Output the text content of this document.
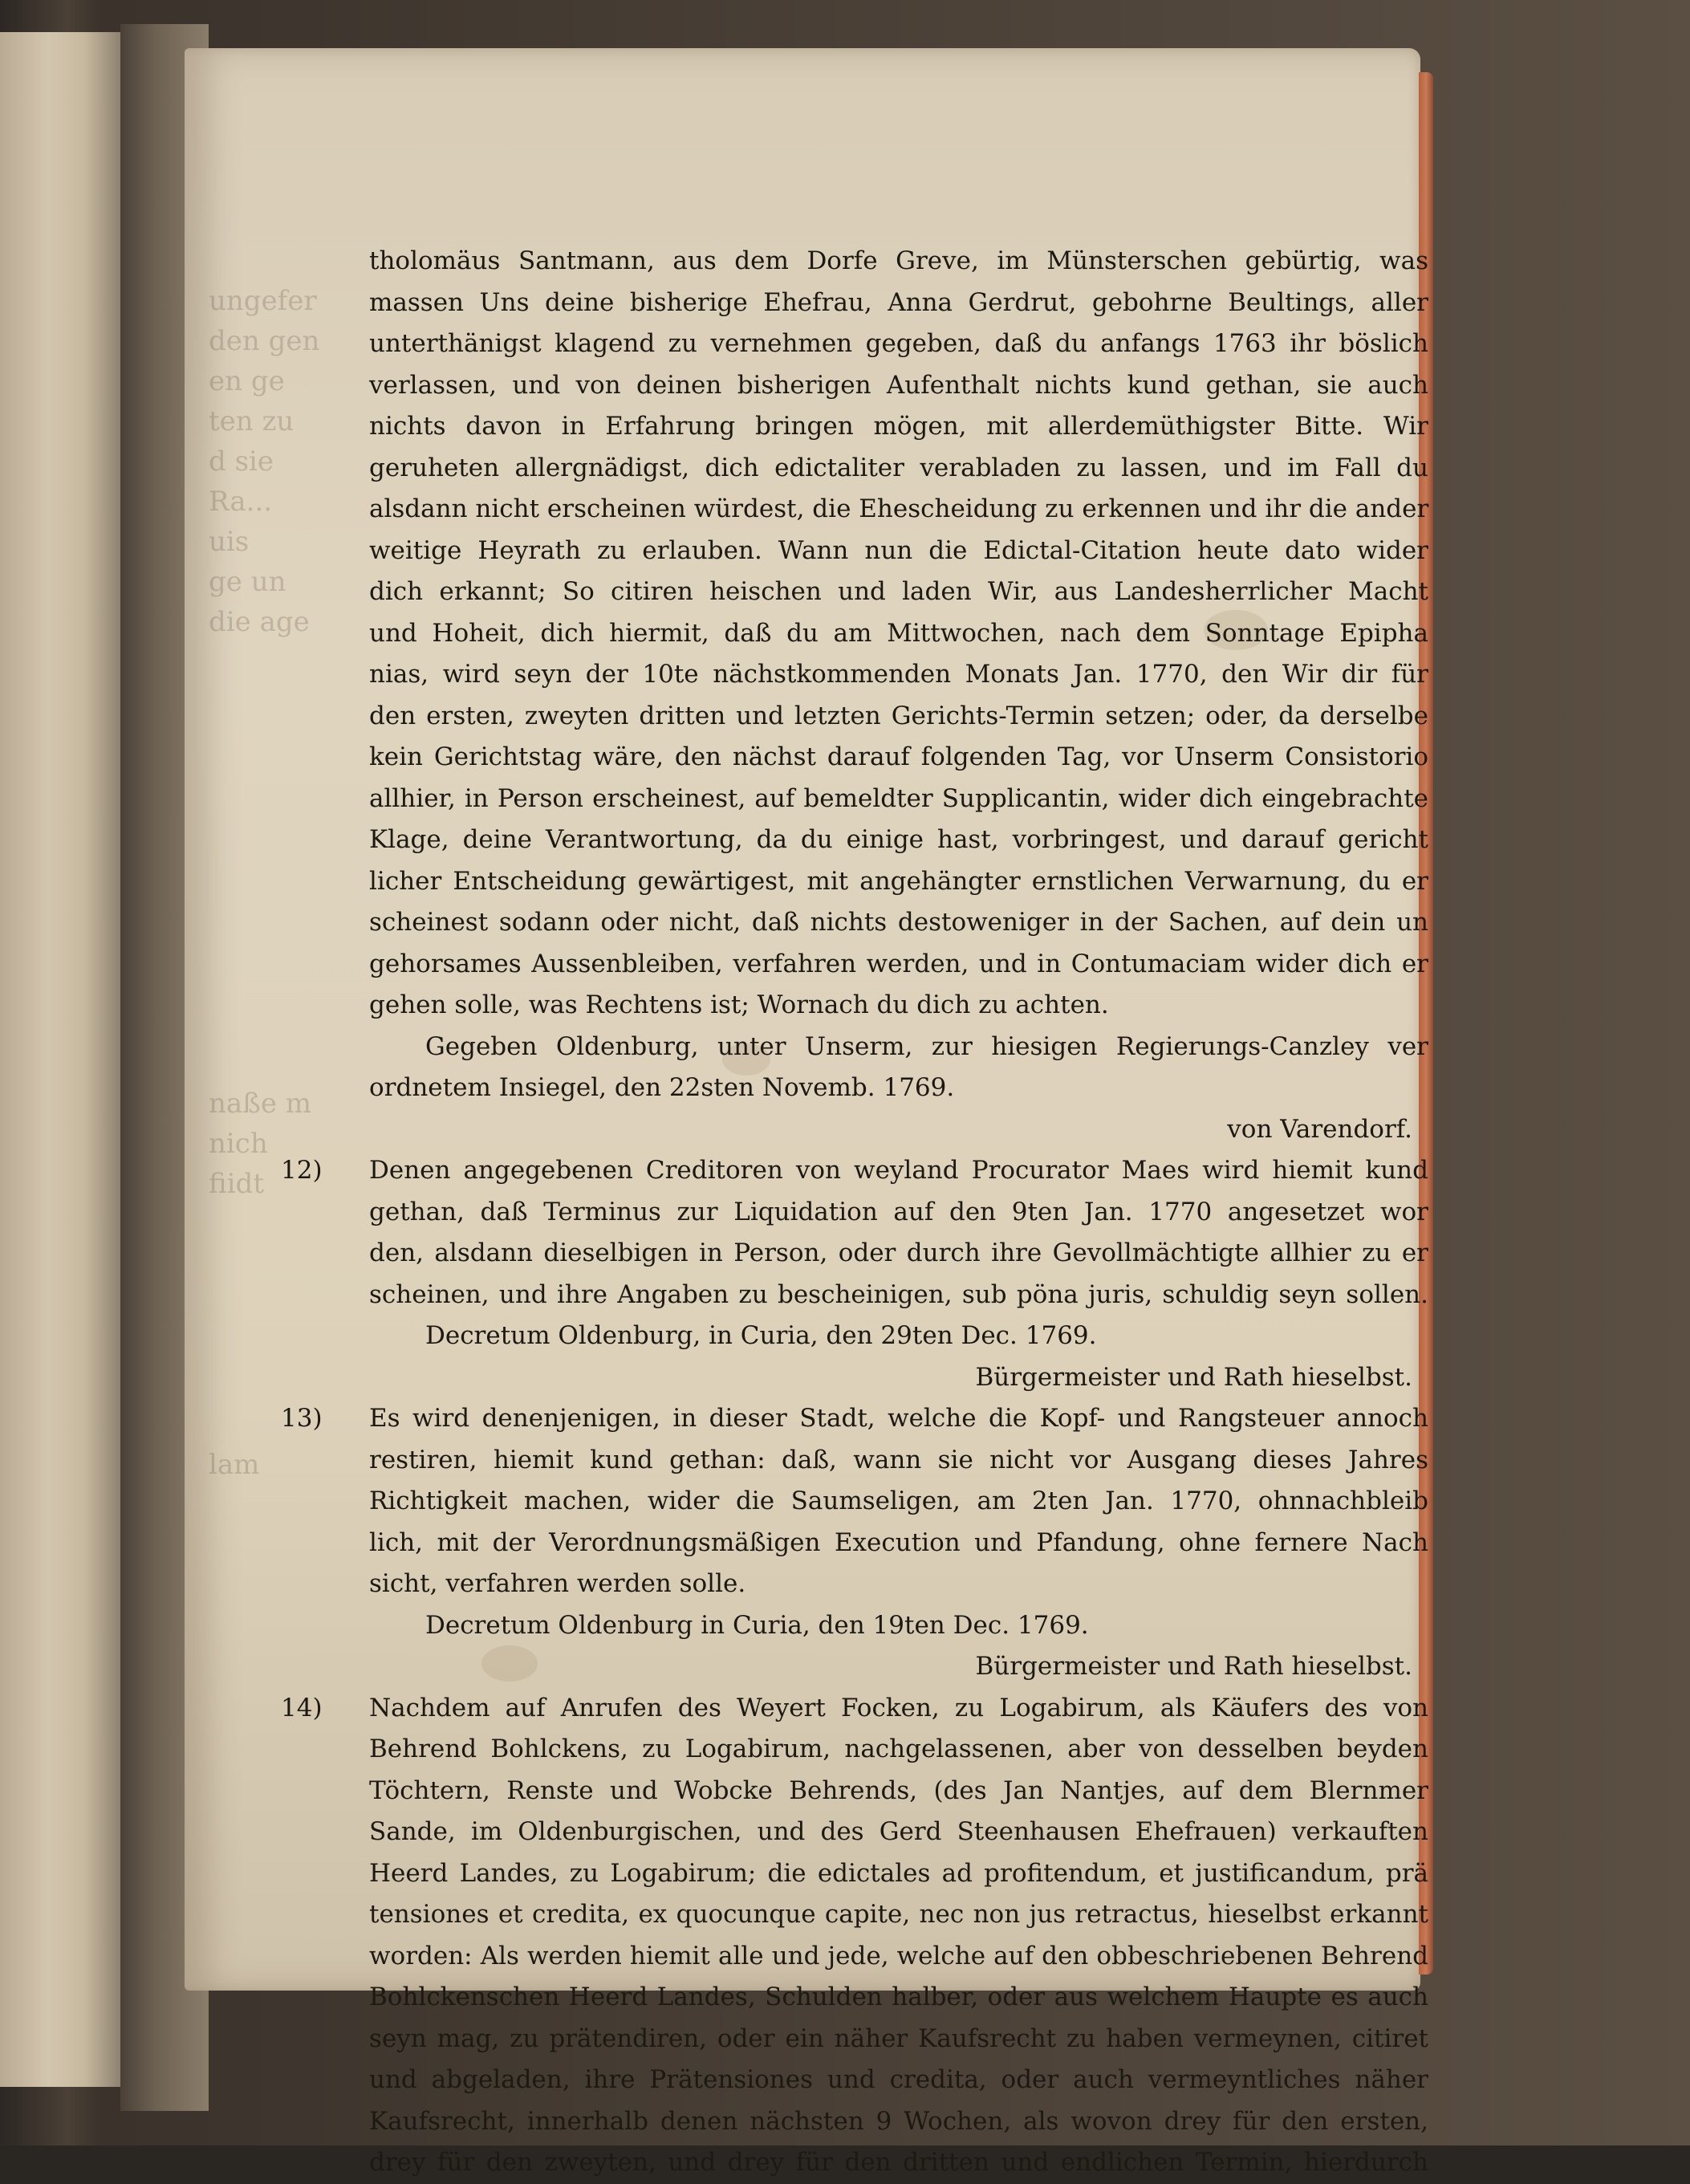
ungefer
den gen
en ge
ten zu
d sie
Ra...
uis
ge un
die age

naße m
nich
fiidt

lam
tholomäus Santmann, aus dem Dorfe Greve, im Münsterschen gebürtig, was
massen Uns deine bisherige Ehefrau, Anna Gerdrut, gebohrne Beultings, aller
unterthänigst klagend zu vernehmen gegeben, daß du anfangs 1763 ihr böslich
verlassen, und von deinen bisherigen Aufenthalt nichts kund gethan, sie auch
nichts davon in Erfahrung bringen mögen, mit allerdemüthigster Bitte. Wir
geruheten allergnädigst, dich edictaliter verabladen zu lassen, und im Fall du
alsdann nicht erscheinen würdest, die Ehescheidung zu erkennen und ihr die ander
weitige Heyrath zu erlauben. Wann nun die Edictal-Citation heute dato wider
dich erkannt; So citiren heischen und laden Wir, aus Landesherrlicher Macht
und Hoheit, dich hiermit, daß du am Mittwochen, nach dem Sonntage Epipha
nias, wird seyn der 10te nächstkommenden Monats Jan. 1770, den Wir dir für
den ersten, zweyten dritten und letzten Gerichts-Termin setzen; oder, da derselbe
kein Gerichtstag wäre, den nächst darauf folgenden Tag, vor Unserm Consistorio
allhier, in Person erscheinest, auf bemeldter Supplicantin, wider dich eingebrachte
Klage, deine Verantwortung, da du einige hast, vorbringest, und darauf gericht
licher Entscheidung gewärtigest, mit angehängter ernstlichen Verwarnung, du er
scheinest sodann oder nicht, daß nichts destoweniger in der Sachen, auf dein un
gehorsames Aussenbleiben, verfahren werden, und in Contumaciam wider dich er
gehen solle, was Rechtens ist; Wornach du dich zu achten.
Gegeben Oldenburg, unter Unserm, zur hiesigen Regierungs-Canzley ver
ordnetem Insiegel, den 22sten Novemb. 1769.
von Varendorf.
12) Denen angegebenen Creditoren von weyland Procurator Maes wird hiemit kund
gethan, daß Terminus zur Liquidation auf den 9ten Jan. 1770 angesetzet wor
den, alsdann dieselbigen in Person, oder durch ihre Gevollmächtigte allhier zu er
scheinen, und ihre Angaben zu bescheinigen, sub pöna juris, schuldig seyn sollen.
Decretum Oldenburg, in Curia, den 29ten Dec. 1769.
Bürgermeister und Rath hieselbst.
13) Es wird denenjenigen, in dieser Stadt, welche die Kopf- und Rangsteuer annoch
restiren, hiemit kund gethan: daß, wann sie nicht vor Ausgang dieses Jahres
Richtigkeit machen, wider die Saumseligen, am 2ten Jan. 1770, ohnnachbleib
lich, mit der Verordnungsmäßigen Execution und Pfandung, ohne fernere Nach
sicht, verfahren werden solle.
Decretum Oldenburg in Curia, den 19ten Dec. 1769.
Bürgermeister und Rath hieselbst.
14) Nachdem auf Anrufen des Weyert Focken, zu Logabirum, als Käufers des von
Behrend Bohlckens, zu Logabirum, nachgelassenen, aber von desselben beyden
Töchtern, Renste und Wobcke Behrends, (des Jan Nantjes, auf dem Blernmer
Sande, im Oldenburgischen, und des Gerd Steenhausen Ehefrauen) verkauften
Heerd Landes, zu Logabirum; die edictales ad profitendum, et justificandum, prä
tensiones et credita, ex quocunque capite, nec non jus retractus, hieselbst erkannt
worden: Als werden hiemit alle und jede, welche auf den obbeschriebenen Behrend
Bohlckenschen Heerd Landes, Schulden halber, oder aus welchem Haupte es auch
seyn mag, zu prätendiren, oder ein näher Kaufsrecht zu haben vermeynen, citiret
und abgeladen, ihre Prätensiones und credita, oder auch vermeyntliches näher
Kaufsrecht, innerhalb denen nächsten 9 Wochen, als wovon drey für den ersten,
drey für den zweyten, und drey für den dritten und endlichen Termin, hierdurch
